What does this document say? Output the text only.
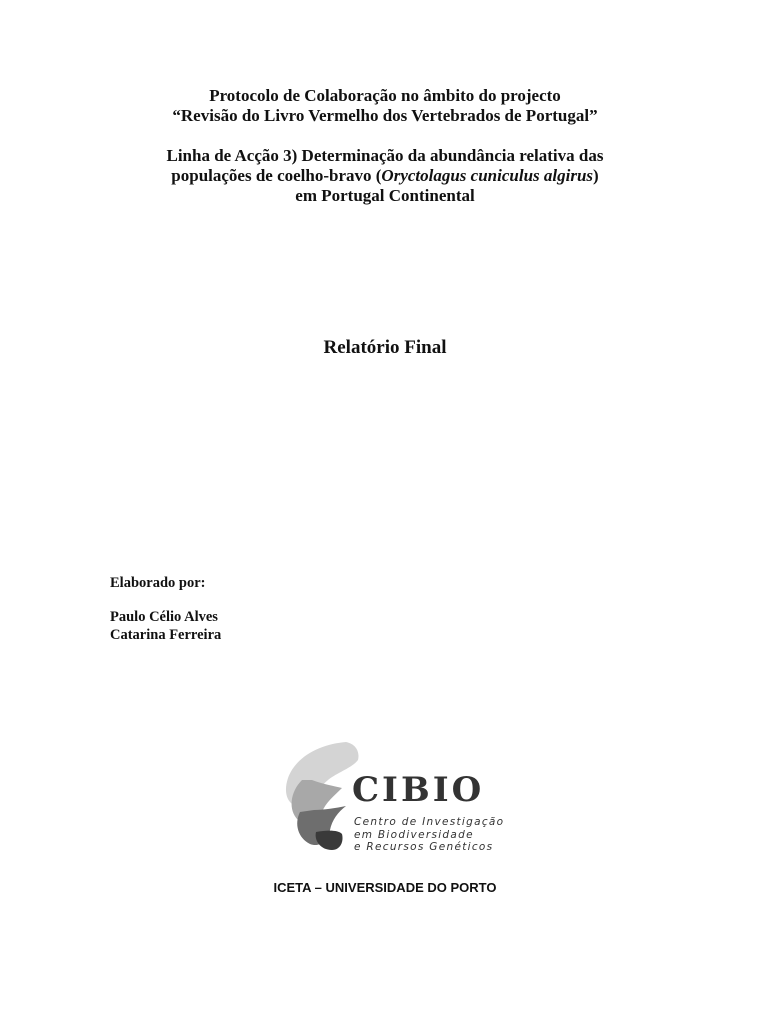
Protocolo de Colaboração no âmbito do projecto
“Revisão do Livro Vermelho dos Vertebrados de Portugal”
Linha de Acção 3) Determinação da abundância relativa das
populações de coelho-bravo (Oryctolagus cuniculus algirus)
em Portugal Continental
Relatório Final
Elaborado por:
Paulo Célio Alves
Catarina Ferreira
CIBIO
Centro de Investigação
em Biodiversidade
e Recursos Genéticos
ICETA – UNIVERSIDADE DO PORTO
